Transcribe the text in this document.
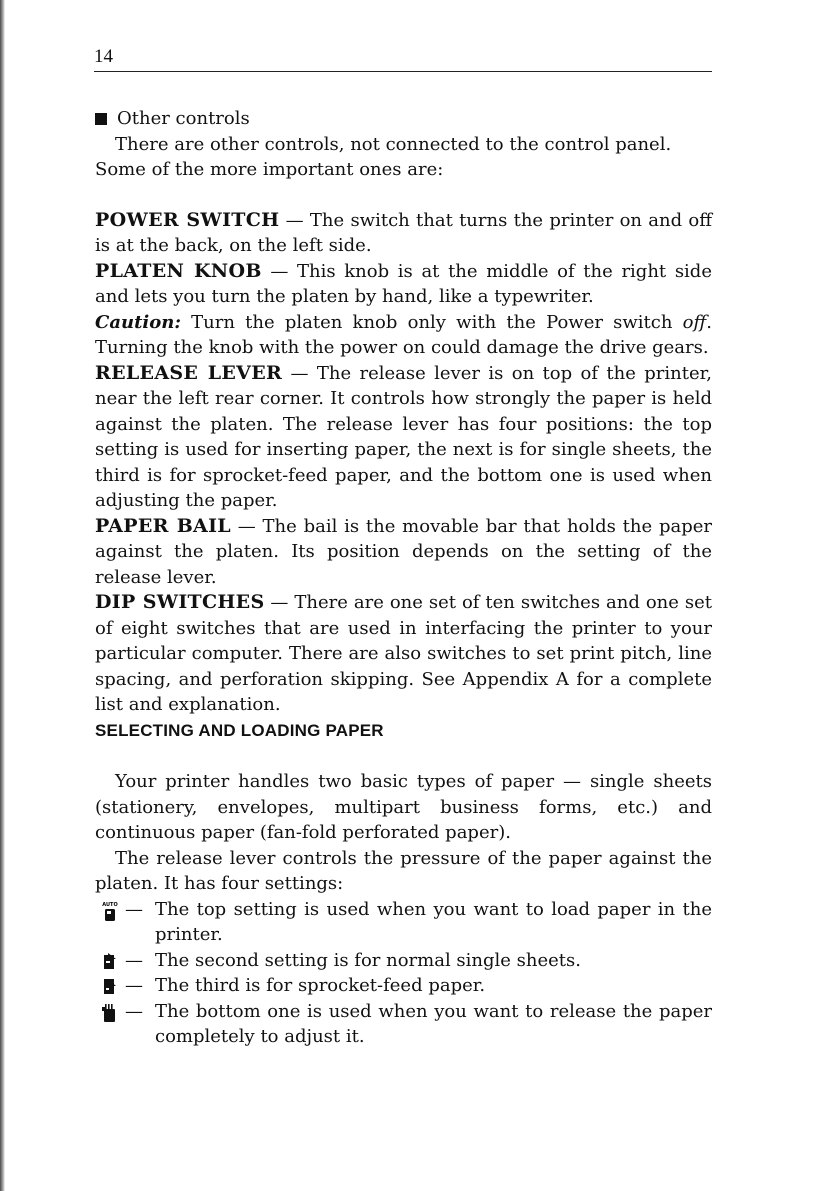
14

Other controls

There are other controls, not connected to the control panel.
Some of the more important ones are:

POWER SWITCH — The switch that turns the printer on and off is at the back, on the left side.

PLATEN KNOB — This knob is at the middle of the right side and lets you turn the platen by hand, like a typewriter.

Caution: Turn the platen knob only with the Power switch off. Turning the knob with the power on could damage the drive gears.

RELEASE LEVER — The release lever is on top of the printer, near the left rear corner. It controls how strongly the paper is held against the platen. The release lever has four positions: the top setting is used for inserting paper, the next is for single sheets, the third is for sprocket-feed paper, and the bottom one is used when adjusting the paper.

PAPER BAIL — The bail is the movable bar that holds the paper against the platen. Its position depends on the setting of the release lever.

DIP SWITCHES — There are one set of ten switches and one set of eight switches that are used in interfacing the printer to your particular computer. There are also switches to set print pitch, line spacing, and perforation skipping. See Appendix A for a complete list and explanation.

SELECTING AND LOADING PAPER

Your printer handles two basic types of paper — single sheets (stationery, envelopes, multipart business forms, etc.) and continuous paper (fan-fold perforated paper).

The release lever controls the pressure of the paper against the platen. It has four settings:

AUTO — The top setting is used when you want to load paper in the printer.
— The second setting is for normal single sheets.
— The third is for sprocket-feed paper.
— The bottom one is used when you want to release the paper completely to adjust it.
